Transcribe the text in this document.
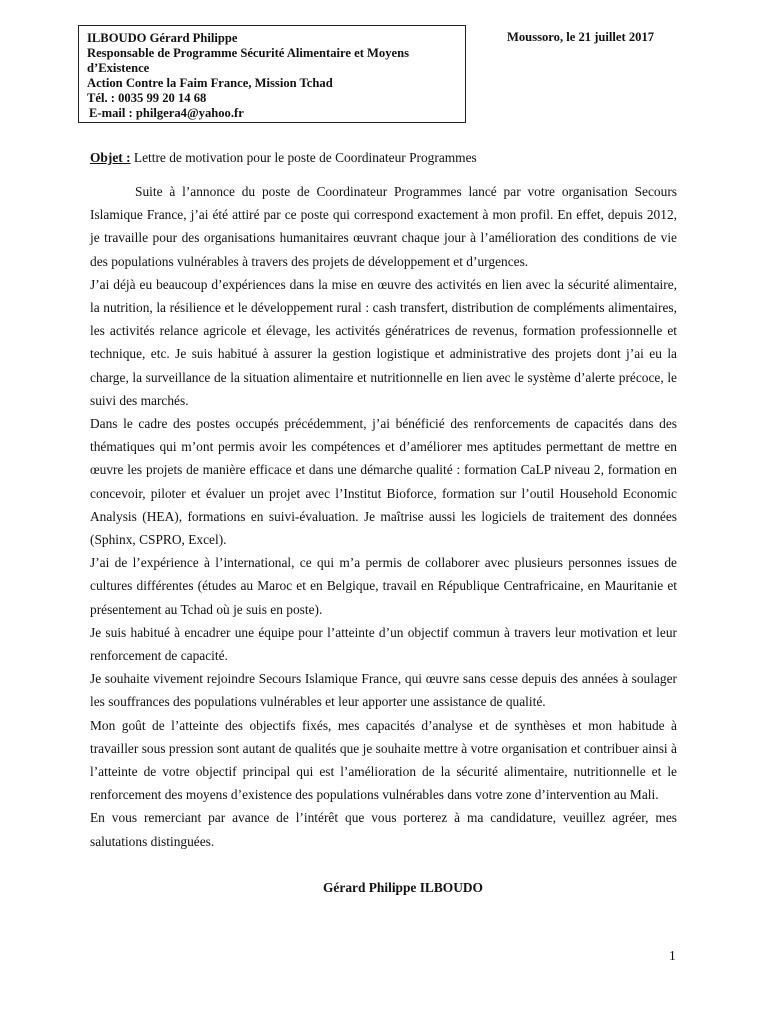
ILBOUDO Gérard Philippe
Responsable de Programme Sécurité Alimentaire et Moyens
d’Existence
Action Contre la Faim France, Mission Tchad
Tél. : 0035 99 20 14 68
E-mail : philgera4@yahoo.fr
Moussoro, le 21 juillet 2017
Objet : Lettre de motivation pour le poste de Coordinateur Programmes

Suite à l’annonce du poste de Coordinateur Programmes lancé par votre organisation Secours Islamique France, j’ai été attiré par ce poste qui correspond exactement à mon profil. En effet, depuis 2012, je travaille pour des organisations humanitaires œuvrant chaque jour à l’amélioration des conditions de vie des populations vulnérables à travers des projets de développement et d’urgences.

J’ai déjà eu beaucoup d’expériences dans la mise en œuvre des activités en lien avec la sécurité alimentaire, la nutrition, la résilience et le développement rural : cash transfert, distribution de compléments alimentaires, les activités relance agricole et élevage, les activités génératrices de revenus, formation professionnelle et technique, etc. Je suis habitué à assurer la gestion logistique et administrative des projets dont j’ai eu la charge, la surveillance de la situation alimentaire et nutritionnelle en lien avec le système d’alerte précoce, le suivi des marchés.

Dans le cadre des postes occupés précédemment, j’ai bénéficié des renforcements de capacités dans des thématiques qui m’ont permis avoir les compétences et d’améliorer mes aptitudes permettant de mettre en œuvre les projets de manière efficace et dans une démarche qualité : formation CaLP niveau 2, formation en concevoir, piloter et évaluer un projet avec l’Institut Bioforce, formation sur l’outil Household Economic Analysis (HEA), formations en suivi-évaluation. Je maîtrise aussi les logiciels de traitement des données (Sphinx, CSPRO, Excel).

J’ai de l’expérience à l’international, ce qui m’a permis de collaborer avec plusieurs personnes issues de cultures différentes (études au Maroc et en Belgique, travail en République Centrafricaine, en Mauritanie et présentement au Tchad où je suis en poste).

Je suis habitué à encadrer une équipe pour l’atteinte d’un objectif commun à travers leur motivation et leur renforcement de capacité.

Je souhaite vivement rejoindre Secours Islamique France, qui œuvre sans cesse depuis des années à soulager les souffrances des populations vulnérables et leur apporter une assistance de qualité.

Mon goût de l’atteinte des objectifs fixés, mes capacités d’analyse et de synthèses et mon habitude à travailler sous pression sont autant de qualités que je souhaite mettre à votre organisation et contribuer ainsi à l’atteinte de votre objectif principal qui est l’amélioration de la sécurité alimentaire, nutritionnelle et le renforcement des moyens d’existence des populations vulnérables dans votre zone d’intervention au Mali.

En vous remerciant par avance de l’intérêt que vous porterez à ma candidature, veuillez agréer, mes salutations distinguées.

Gérard Philippe ILBOUDO
1
